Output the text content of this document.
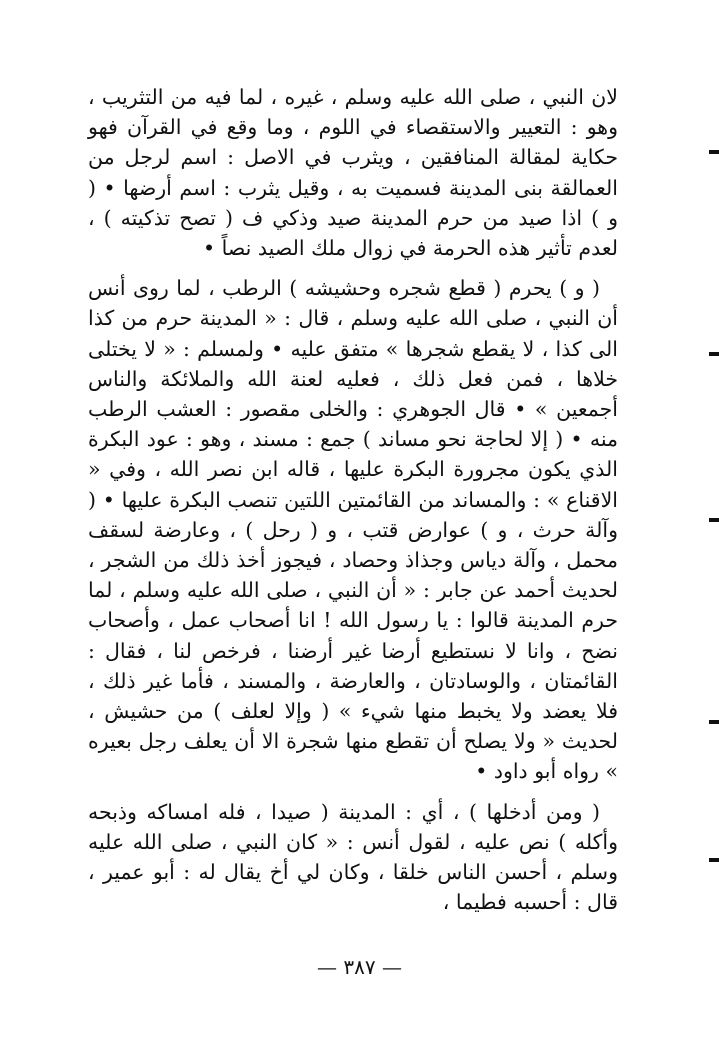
لان النبي ، صلى الله عليه وسلم ، غيره ، لما فيه من التثريب ، وهو : التعيير والاستقصاء في اللوم ، وما وقع في القرآن فهو حكاية لمقالة المنافقين ، ويثرب في الاصل : اسم لرجل من العمالقة بنى المدينة فسميت به ، وقيل يثرب : اسم أرضها • ( و ) اذا صيد من حرم المدينة صيد وذكي ف ( تصح تذكيته ) ، لعدم تأثير هذه الحرمة في زوال ملك الصيد نصاً •

( و ) يحرم ( قطع شجره وحشيشه ) الرطب ، لما روى أنس أن النبي ، صلى الله عليه وسلم ، قال : « المدينة حرم من كذا الى كذا ، لا يقطع شجرها » متفق عليه • ولمسلم : « لا يختلى خلاها ، فمن فعل ذلك ، فعليه لعنة الله والملائكة والناس أجمعين » • قال الجوهري : والخلى مقصور : العشب الرطب منه • ( إلا لحاجة نحو مساند ) جمع : مسند ، وهو : عود البكرة الذي يكون مجرورة البكرة عليها ، قاله ابن نصر الله ، وفي « الاقناع » : والمساند من القائمتين اللتين تنصب البكرة عليها • ( وآلة حرث ، و ) عوارض قتب ، و ( رحل ) ، وعارضة لسقف محمل ، وآلة دياس وجذاذ وحصاد ، فيجوز أخذ ذلك من الشجر ، لحديث أحمد عن جابر : « أن النبي ، صلى الله عليه وسلم ، لما حرم المدينة قالوا : يا رسول الله ! انا أصحاب عمل ، وأصحاب نضح ، وانا لا نستطيع أرضا غير أرضنا ، فرخص لنا ، فقال : القائمتان ، والوسادتان ، والعارضة ، والمسند ، فأما غير ذلك ، فلا يعضد ولا يخبط منها شيء » ( وإلا لعلف ) من حشيش ، لحديث « ولا يصلح أن تقطع منها شجرة الا أن يعلف رجل بعيره » رواه أبو داود •

( ومن أدخلها ) ، أي : المدينة ( صيدا ، فله امساكه وذبحه وأكله ) نص عليه ، لقول أنس : « كان النبي ، صلى الله عليه وسلم ، أحسن الناس خلقا ، وكان لي أخ يقال له : أبو عمير ، قال : أحسبه فطيما ،

— ٣٨٧ —
